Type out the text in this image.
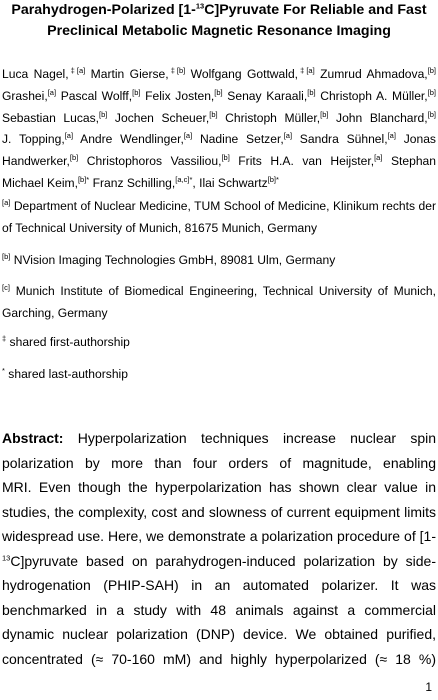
Parahydrogen-Polarized [1-$^{13}$C]Pyruvate For Reliable and Fast
Preclinical Metabolic Magnetic Resonance Imaging
Luca Nagel,$^{\ddagger[a]}$ Martin Gierse,$^{\ddagger[b]}$ Wolfgang Gottwald,$^{\ddagger[a]}$ Zumrud Ahmadova,[b]
Grashei,[a] Pascal Wolff,[b] Felix Josten,[b] Senay Karaali,[b] Christoph A. Müller,[b]
Sebastian Lucas,[b] Jochen Scheuer,[b] Christoph Müller,[b] John Blanchard,[b]
J. Topping,[a] Andre Wendlinger,[a] Nadine Setzer,[a] Sandra Sühnel,[a] Jonas
Handwerker,[b] Christophoros Vassiliou,[b] Frits H.A. van Heijster,[a] Stephan
Michael Keim,$^{[b]*}$ Franz Schilling,$^{[a,c]*}$, Ilai Schwartz$^{[b]*}$
[a] Department of Nuclear Medicine, TUM School of Medicine, Klinikum rechts der
of Technical University of Munich, 81675 Munich, Germany
[b] NVision Imaging Technologies GmbH, 89081 Ulm, Germany
[c] Munich Institute of Biomedical Engineering, Technical University of Munich,
Garching, Germany
‡ shared first-authorship
* shared last-authorship
Abstract: Hyperpolarization techniques increase nuclear spin
polarization by more than four orders of magnitude, enabling
MRI. Even though the hyperpolarization has shown clear value in
studies, the complexity, cost and slowness of current equipment limits
widespread use. Here, we demonstrate a polarization procedure of [1-
$^{13}$C]pyruvate based on parahydrogen-induced polarization by side-
hydrogenation (PHIP-SAH) in an automated polarizer. It was
benchmarked in a study with 48 animals against a commercial
dynamic nuclear polarization (DNP) device. We obtained purified,
concentrated (≈ 70-160 mM) and highly hyperpolarized (≈ 18 %)
1
